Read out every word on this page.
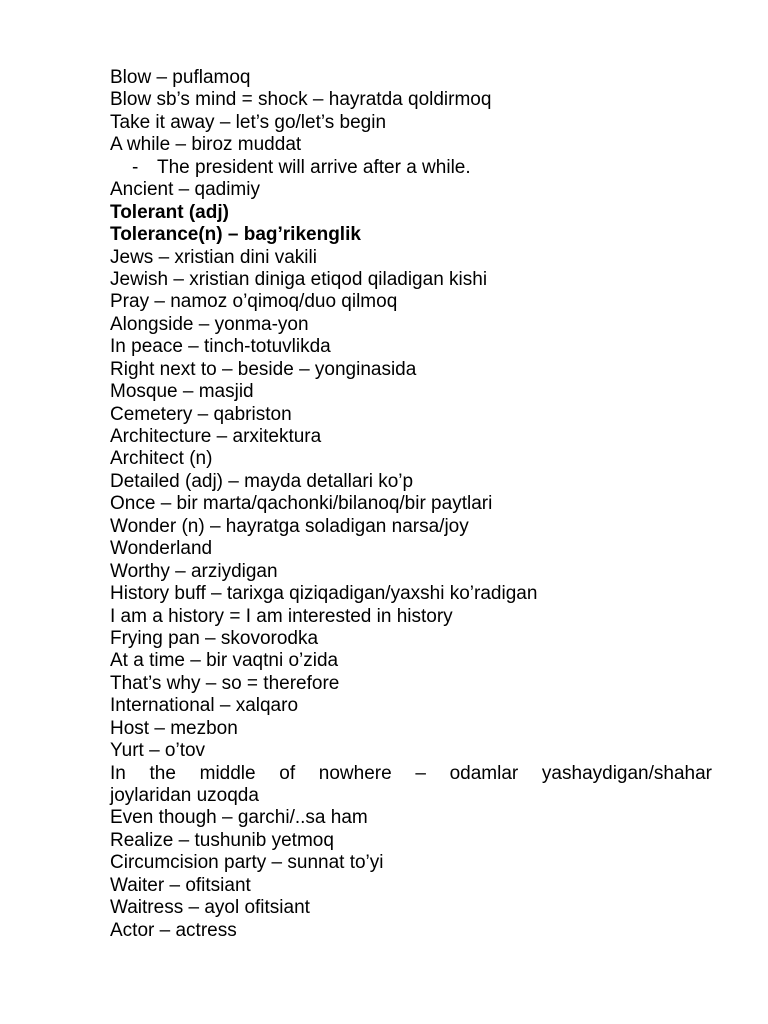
Blow – puflamoq
Blow sb’s mind = shock – hayratda qoldirmoq
Take it away – let’s go/let’s begin
A while – biroz muddat
- The president will arrive after a while.
Ancient – qadimiy
Tolerant (adj)
Tolerance(n) – bag’rikenglik
Jews – xristian dini vakili
Jewish – xristian diniga etiqod qiladigan kishi
Pray – namoz o’qimoq/duo qilmoq
Alongside – yonma-yon
In peace – tinch-totuvlikda
Right next to – beside – yonginasida
Mosque – masjid
Cemetery – qabriston
Architecture – arxitektura
Architect (n)
Detailed (adj) – mayda detallari ko’p
Once – bir marta/qachonki/bilanoq/bir paytlari
Wonder (n) – hayratga soladigan narsa/joy
Wonderland
Worthy – arziydigan
History buff – tarixga qiziqadigan/yaxshi ko’radigan
I am a history = I am interested in history
Frying pan – skovorodka
At a time – bir vaqtni o’zida
That’s why – so = therefore
International – xalqaro
Host – mezbon
Yurt – o’tov
In the middle of nowhere – odamlar yashaydigan/shahar
joylaridan uzoqda
Even though – garchi/..sa ham
Realize – tushunib yetmoq
Circumcision party – sunnat to’yi
Waiter – ofitsiant
Waitress – ayol ofitsiant
Actor – actress
